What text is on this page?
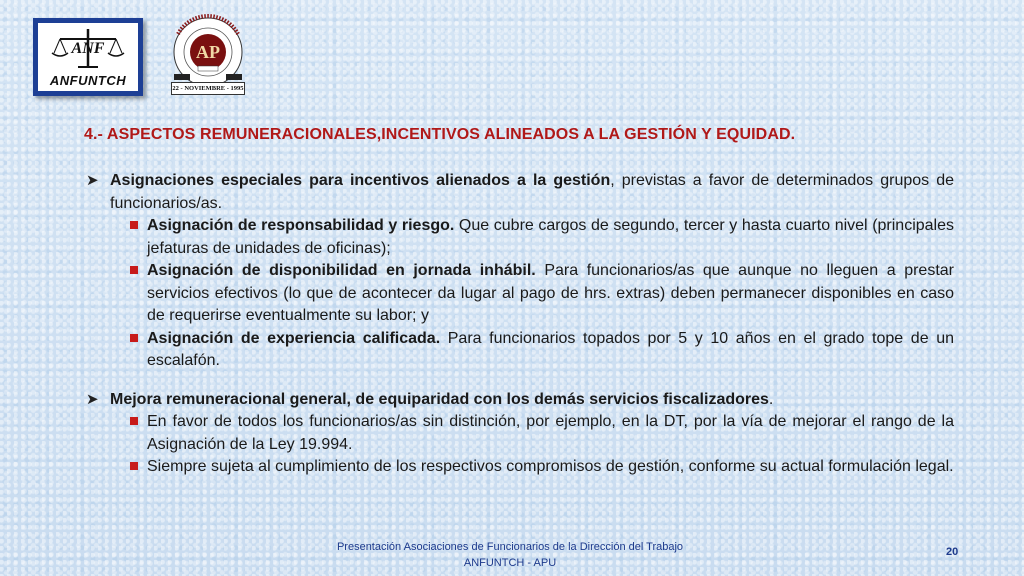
ANF
ANFUNTCH
AP
22 - NOVIEMBRE - 1995
4.- ASPECTOS REMUNERACIONALES,INCENTIVOS ALINEADOS A LA GESTIÓN Y EQUIDAD.
➤ Asignaciones especiales para incentivos alienados a la gestión, previstas a favor de determinados grupos de funcionarios/as.
Asignación de responsabilidad y riesgo. Que cubre cargos de segundo, tercer y hasta cuarto nivel (principales jefaturas de unidades de oficinas);
Asignación de disponibilidad en jornada inhábil. Para funcionarios/as que aunque no lleguen a prestar servicios efectivos (lo que de acontecer da lugar al pago de hrs. extras) deben permanecer disponibles en caso de requerirse eventualmente su labor; y
Asignación de experiencia calificada. Para funcionarios topados por 5 y 10 años en el grado tope de un escalafón.
➤ Mejora remuneracional general, de equiparidad con los demás servicios fiscalizadores.
En favor de todos los funcionarios/as sin distinción, por ejemplo, en la DT, por la vía de mejorar el rango de la Asignación de la Ley 19.994.
Siempre sujeta al cumplimiento de los respectivos compromisos de gestión, conforme su actual formulación legal.
Presentación Asociaciones de Funcionarios de la Dirección del Trabajo
ANFUNTCH - APU
20
